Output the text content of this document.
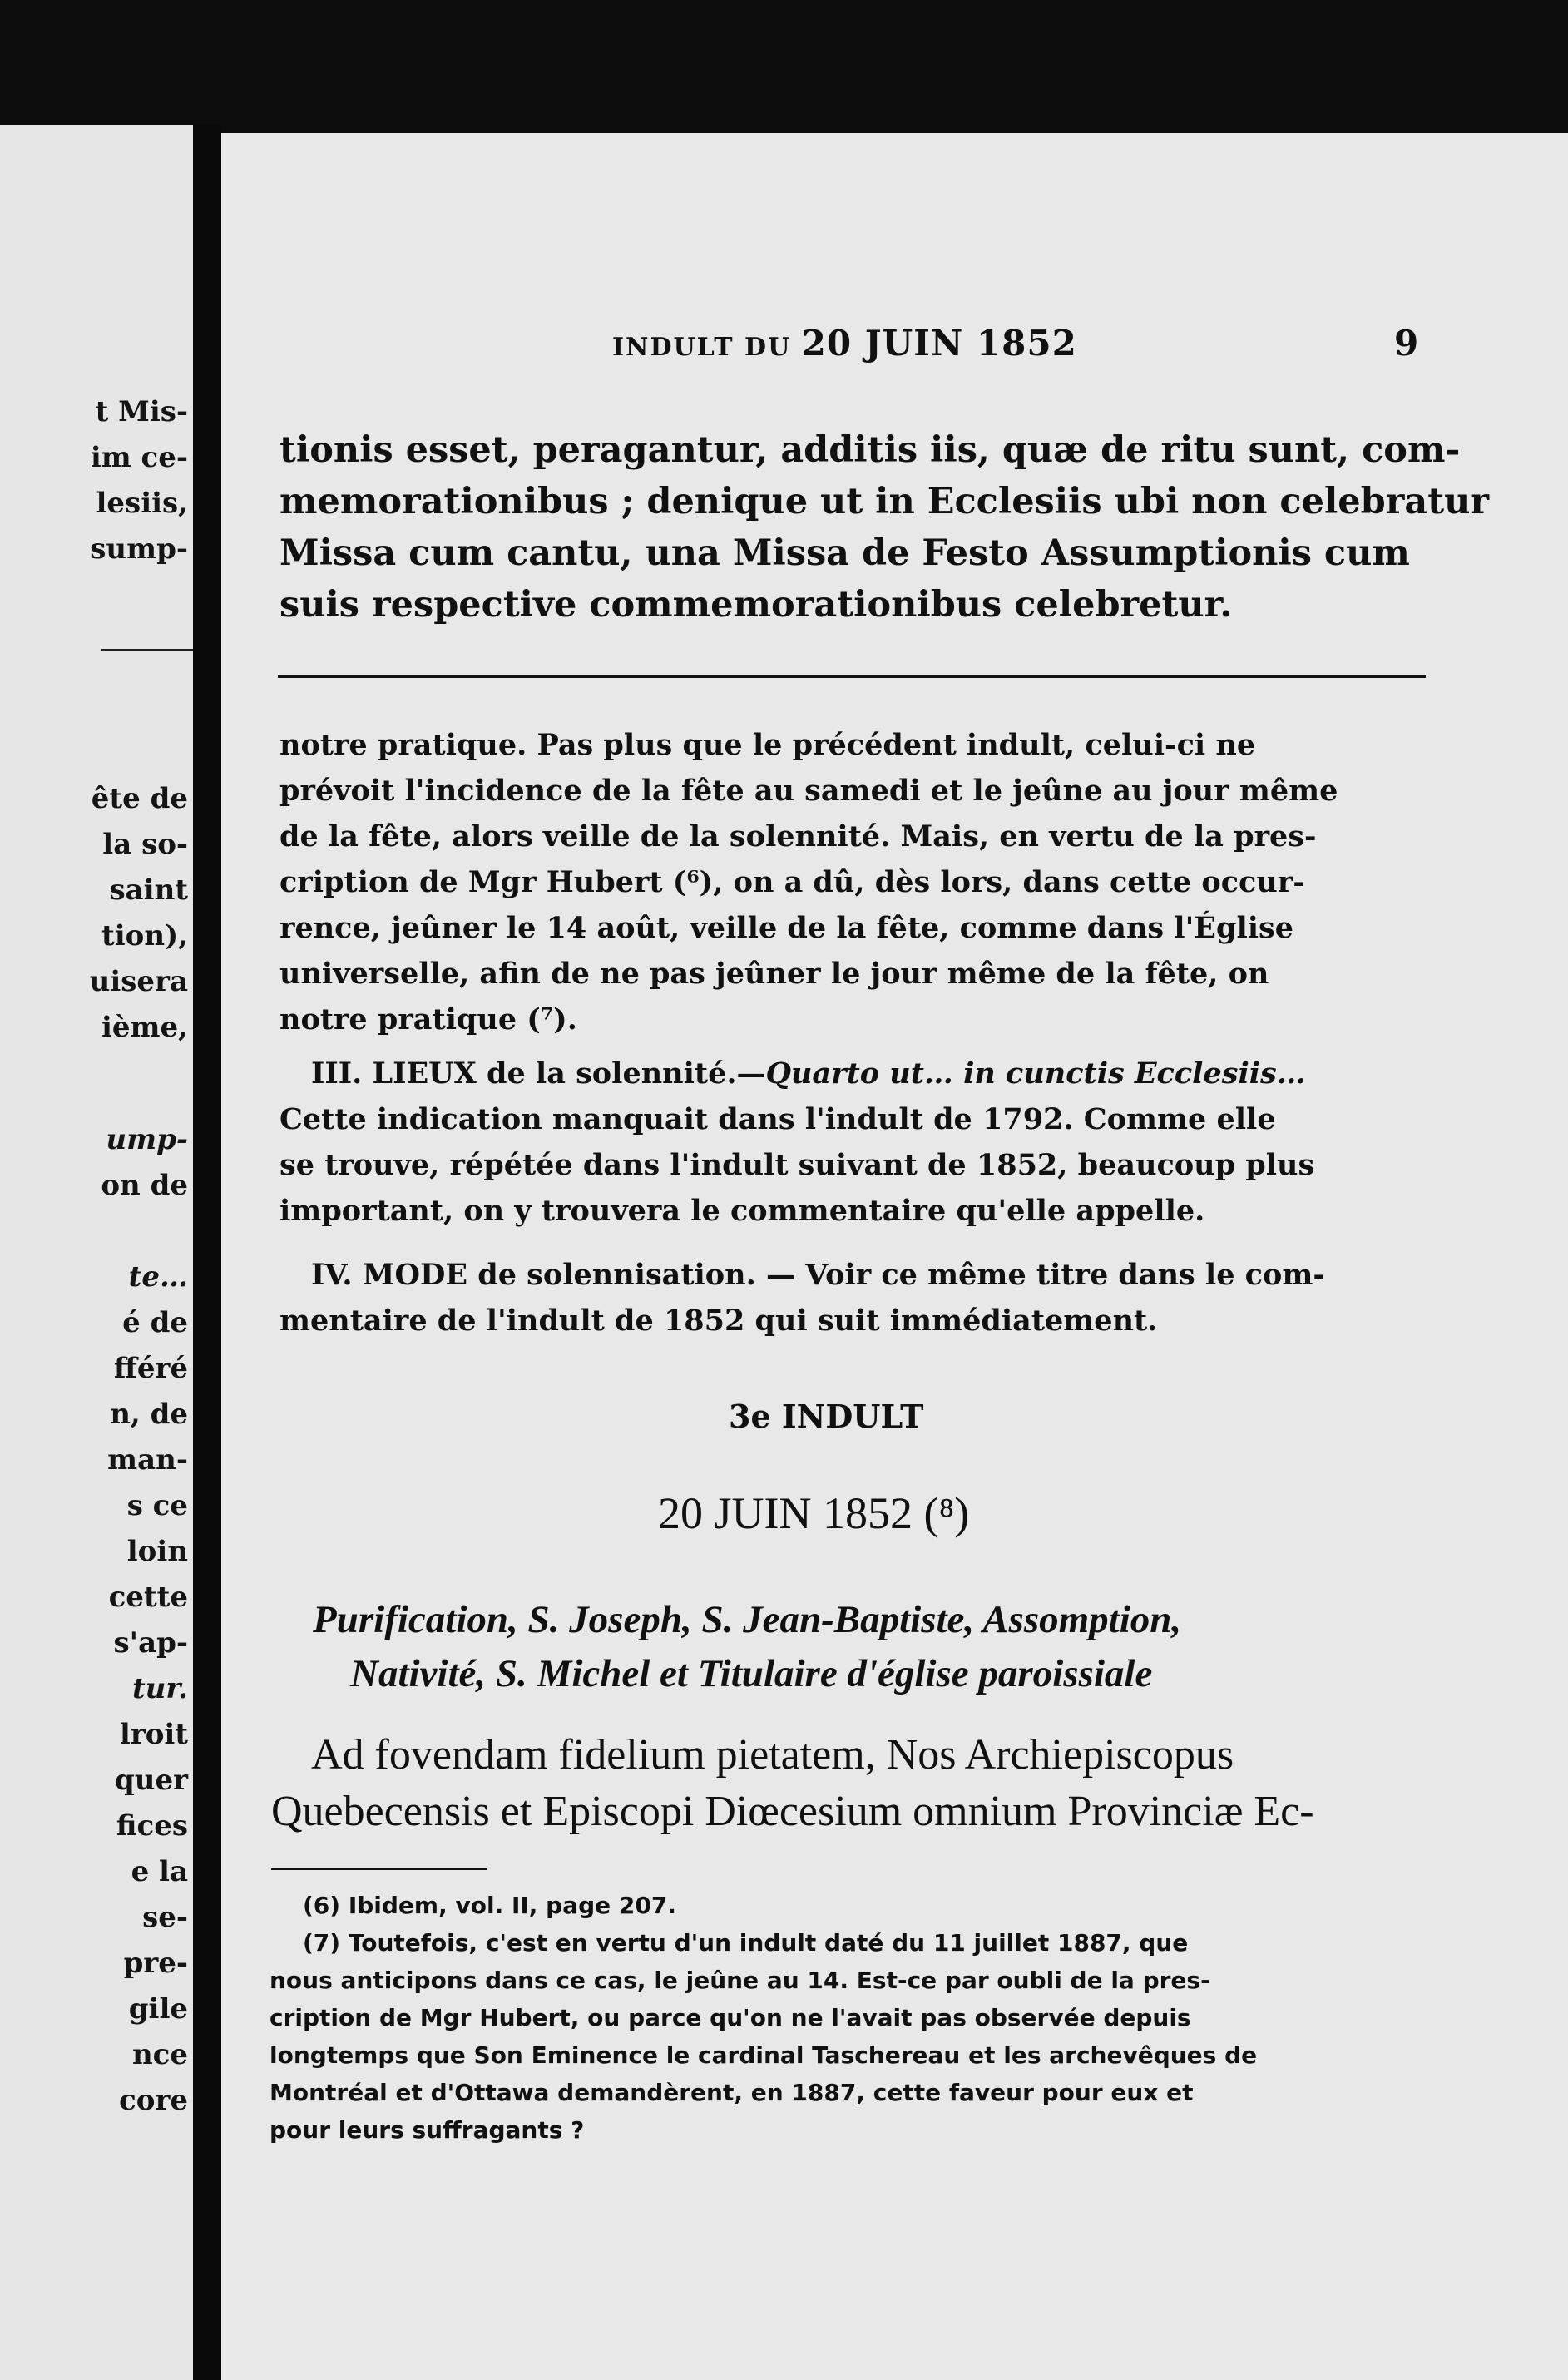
t Mis-
im ce-
lesiis,
sump-
ête de
la so-
saint
tion),
uisera
ième,
ump-
on de
te…
é de
fféré
n, de
man-
s ce
loin
cette
s'ap-
tur.
lroit
quer
fices
e la
se-
pre-
gile
nce
core
INDULT DU 20 JUIN 1852	9
tionis esset, peragantur, additis iis, quæ de ritu sunt, com-
memorationibus ; denique ut in Ecclesiis ubi non celebratur
Missa cum cantu, una Missa de Festo Assumptionis cum
suis respective commemorationibus celebretur.
notre pratique. Pas plus que le précédent indult, celui-ci ne
prévoit l'incidence de la fête au samedi et le jeûne au jour même
de la fête, alors veille de la solennité. Mais, en vertu de la pres-
cription de Mgr Hubert (⁶), on a dû, dès lors, dans cette occur-
rence, jeûner le 14 août, veille de la fête, comme dans l'Église
universelle, afin de ne pas jeûner le jour même de la fête, on
notre pratique (⁷).
III. LIEUX de la solennité.—Quarto ut… in cunctis Ecclesiis…
Cette indication manquait dans l'indult de 1792. Comme elle
se trouve, répétée dans l'indult suivant de 1852, beaucoup plus
important, on y trouvera le commentaire qu'elle appelle.
IV. MODE de solennisation. — Voir ce même titre dans le com-
mentaire de l'indult de 1852 qui suit immédiatement.
3e INDULT
20 JUIN 1852 (⁸)
Purification, S. Joseph, S. Jean-Baptiste, Assomption,
Nativité, S. Michel et Titulaire d'église paroissiale
Ad fovendam fidelium pietatem, Nos Archiepiscopus
Quebecensis et Episcopi Diœcesium omnium Provinciæ Ec-
(6) Ibidem, vol. II, page 207.
(7) Toutefois, c'est en vertu d'un indult daté du 11 juillet 1887, que
nous anticipons dans ce cas, le jeûne au 14. Est-ce par oubli de la pres-
cription de Mgr Hubert, ou parce qu'on ne l'avait pas observée depuis
longtemps que Son Eminence le cardinal Taschereau et les archevêques de
Montréal et d'Ottawa demandèrent, en 1887, cette faveur pour eux et
pour leurs suffragants ?
